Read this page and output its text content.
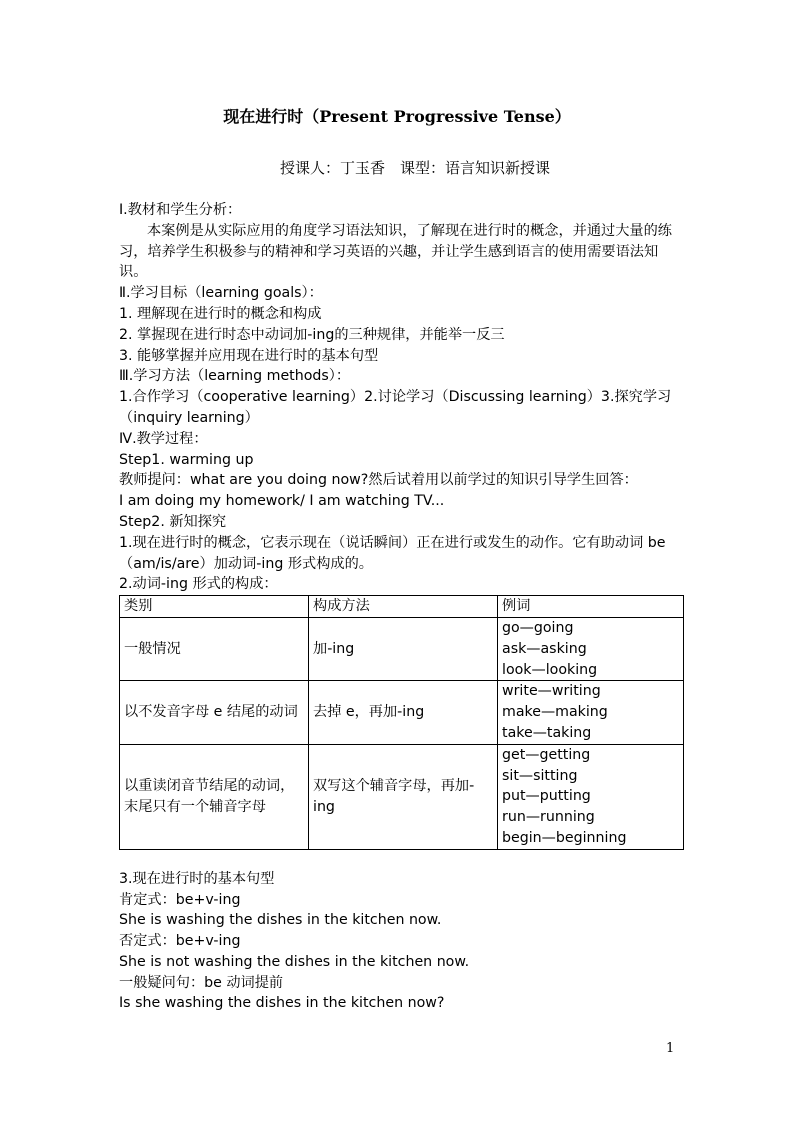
现在进行时（Present Progressive Tense）
授课人：丁玉香　课型：语言知识新授课

Ⅰ.教材和学生分析：

本案例是从实际应用的角度学习语法知识，了解现在进行时的概念，并通过大量的练习，培养学生积极参与的精神和学习英语的兴趣，并让学生感到语言的使用需要语法知识。

Ⅱ.学习目标（learning goals）：

1. 理解现在进行时的概念和构成

2. 掌握现在进行时态中动词加-ing的三种规律，并能举一反三

3. 能够掌握并应用现在进行时的基本句型

Ⅲ.学习方法（learning methods）：

1.合作学习（cooperative learning）2.讨论学习（Discussing learning）3.探究学习（inquiry learning）

Ⅳ.教学过程：

Step1. warming up

教师提问：what are you doing now?然后试着用以前学过的知识引导学生回答：

I am doing my homework/ I am watching TV...

Step2. 新知探究

1.现在进行时的概念，它表示现在（说话瞬间）正在进行或发生的动作。它有助动词 be（am/is/are）加动词-ing 形式构成的。

2.动词-ing 形式的构成：

类别	构成方法	例词
一般情况	加-ing	go—going
ask—asking
look—looking

以不发音字母 e 结尾的动词	去掉 e，再加-ing	write—writing
make—making
take—taking

以重读闭音节结尾的动词，末尾只有一个辅音字母	双写这个辅音字母，再加-ing	get—getting
sit—sitting
put—putting
run—running
begin—beginning

3.现在进行时的基本句型

肯定式：be+v-ing

She is washing the dishes in the kitchen now.

否定式：be+v-ing

She is not washing the dishes in the kitchen now.

一般疑问句：be 动词提前

Is she washing the dishes in the kitchen now?

1
